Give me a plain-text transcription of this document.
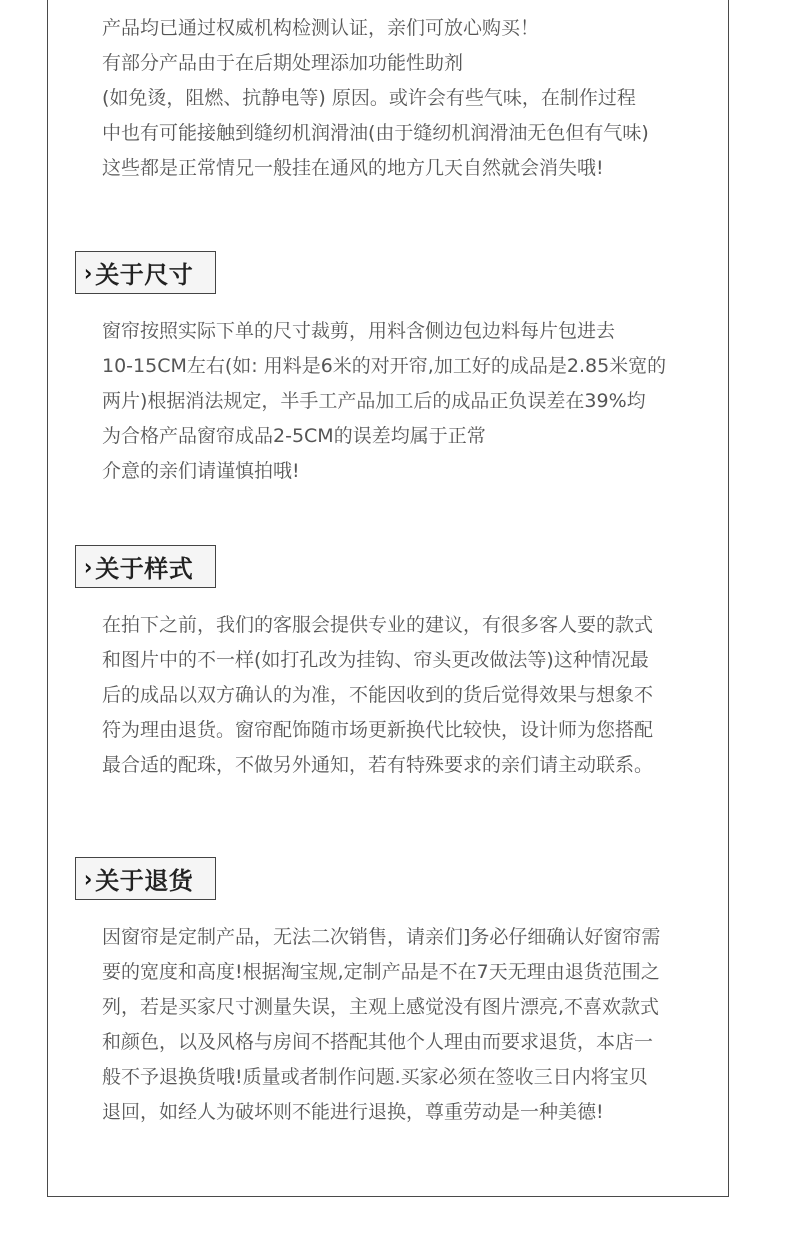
产品均已通过权威机构检测认证，亲们可放心购买！
有部分产品由于在后期处理添加功能性助剂
(如免烫，阻燃、抗静电等) 原因。或许会有些气味，在制作过程
中也有可能接触到缝纫机润滑油(由于缝纫机润滑油无色但有气味)
这些都是正常情兄一般挂在通风的地方几天自然就会消失哦!
› 关于尺寸
窗帘按照实际下单的尺寸裁剪，用料含侧边包边料每片包进去
10-15CM左右(如: 用料是6米的对开帘,加工好的成品是2.85米宽的
两片)根据消法规定，半手工产品加工后的成品正负误差在39%均
为合格产品窗帘成品2-5CM的误差均属于正常
介意的亲们请谨慎拍哦!
› 关于样式
在拍下之前，我们的客服会提供专业的建议，有很多客人要的款式
和图片中的不一样(如打孔改为挂钩、帘头更改做法等)这种情况最
后的成品以双方确认的为准，不能因收到的货后觉得效果与想象不
符为理由退货。窗帘配饰随市场更新换代比较快，设计师为您搭配
最合适的配珠，不做另外通知，若有特殊要求的亲们请主动联系。
› 关于退货
因窗帘是定制产品，无法二次销售，请亲们]务必仔细确认好窗帘需
要的宽度和高度!根据淘宝规,定制产品是不在7天无理由退货范围之
列，若是买家尺寸测量失误，主观上感觉没有图片漂亮,不喜欢款式
和颜色，以及风格与房间不搭配其他个人理由而要求退货，本店一
般不予退换货哦!质量或者制作问题.买家必须在签收三日内将宝贝
退回，如经人为破坏则不能进行退换，尊重劳动是一种美德!
